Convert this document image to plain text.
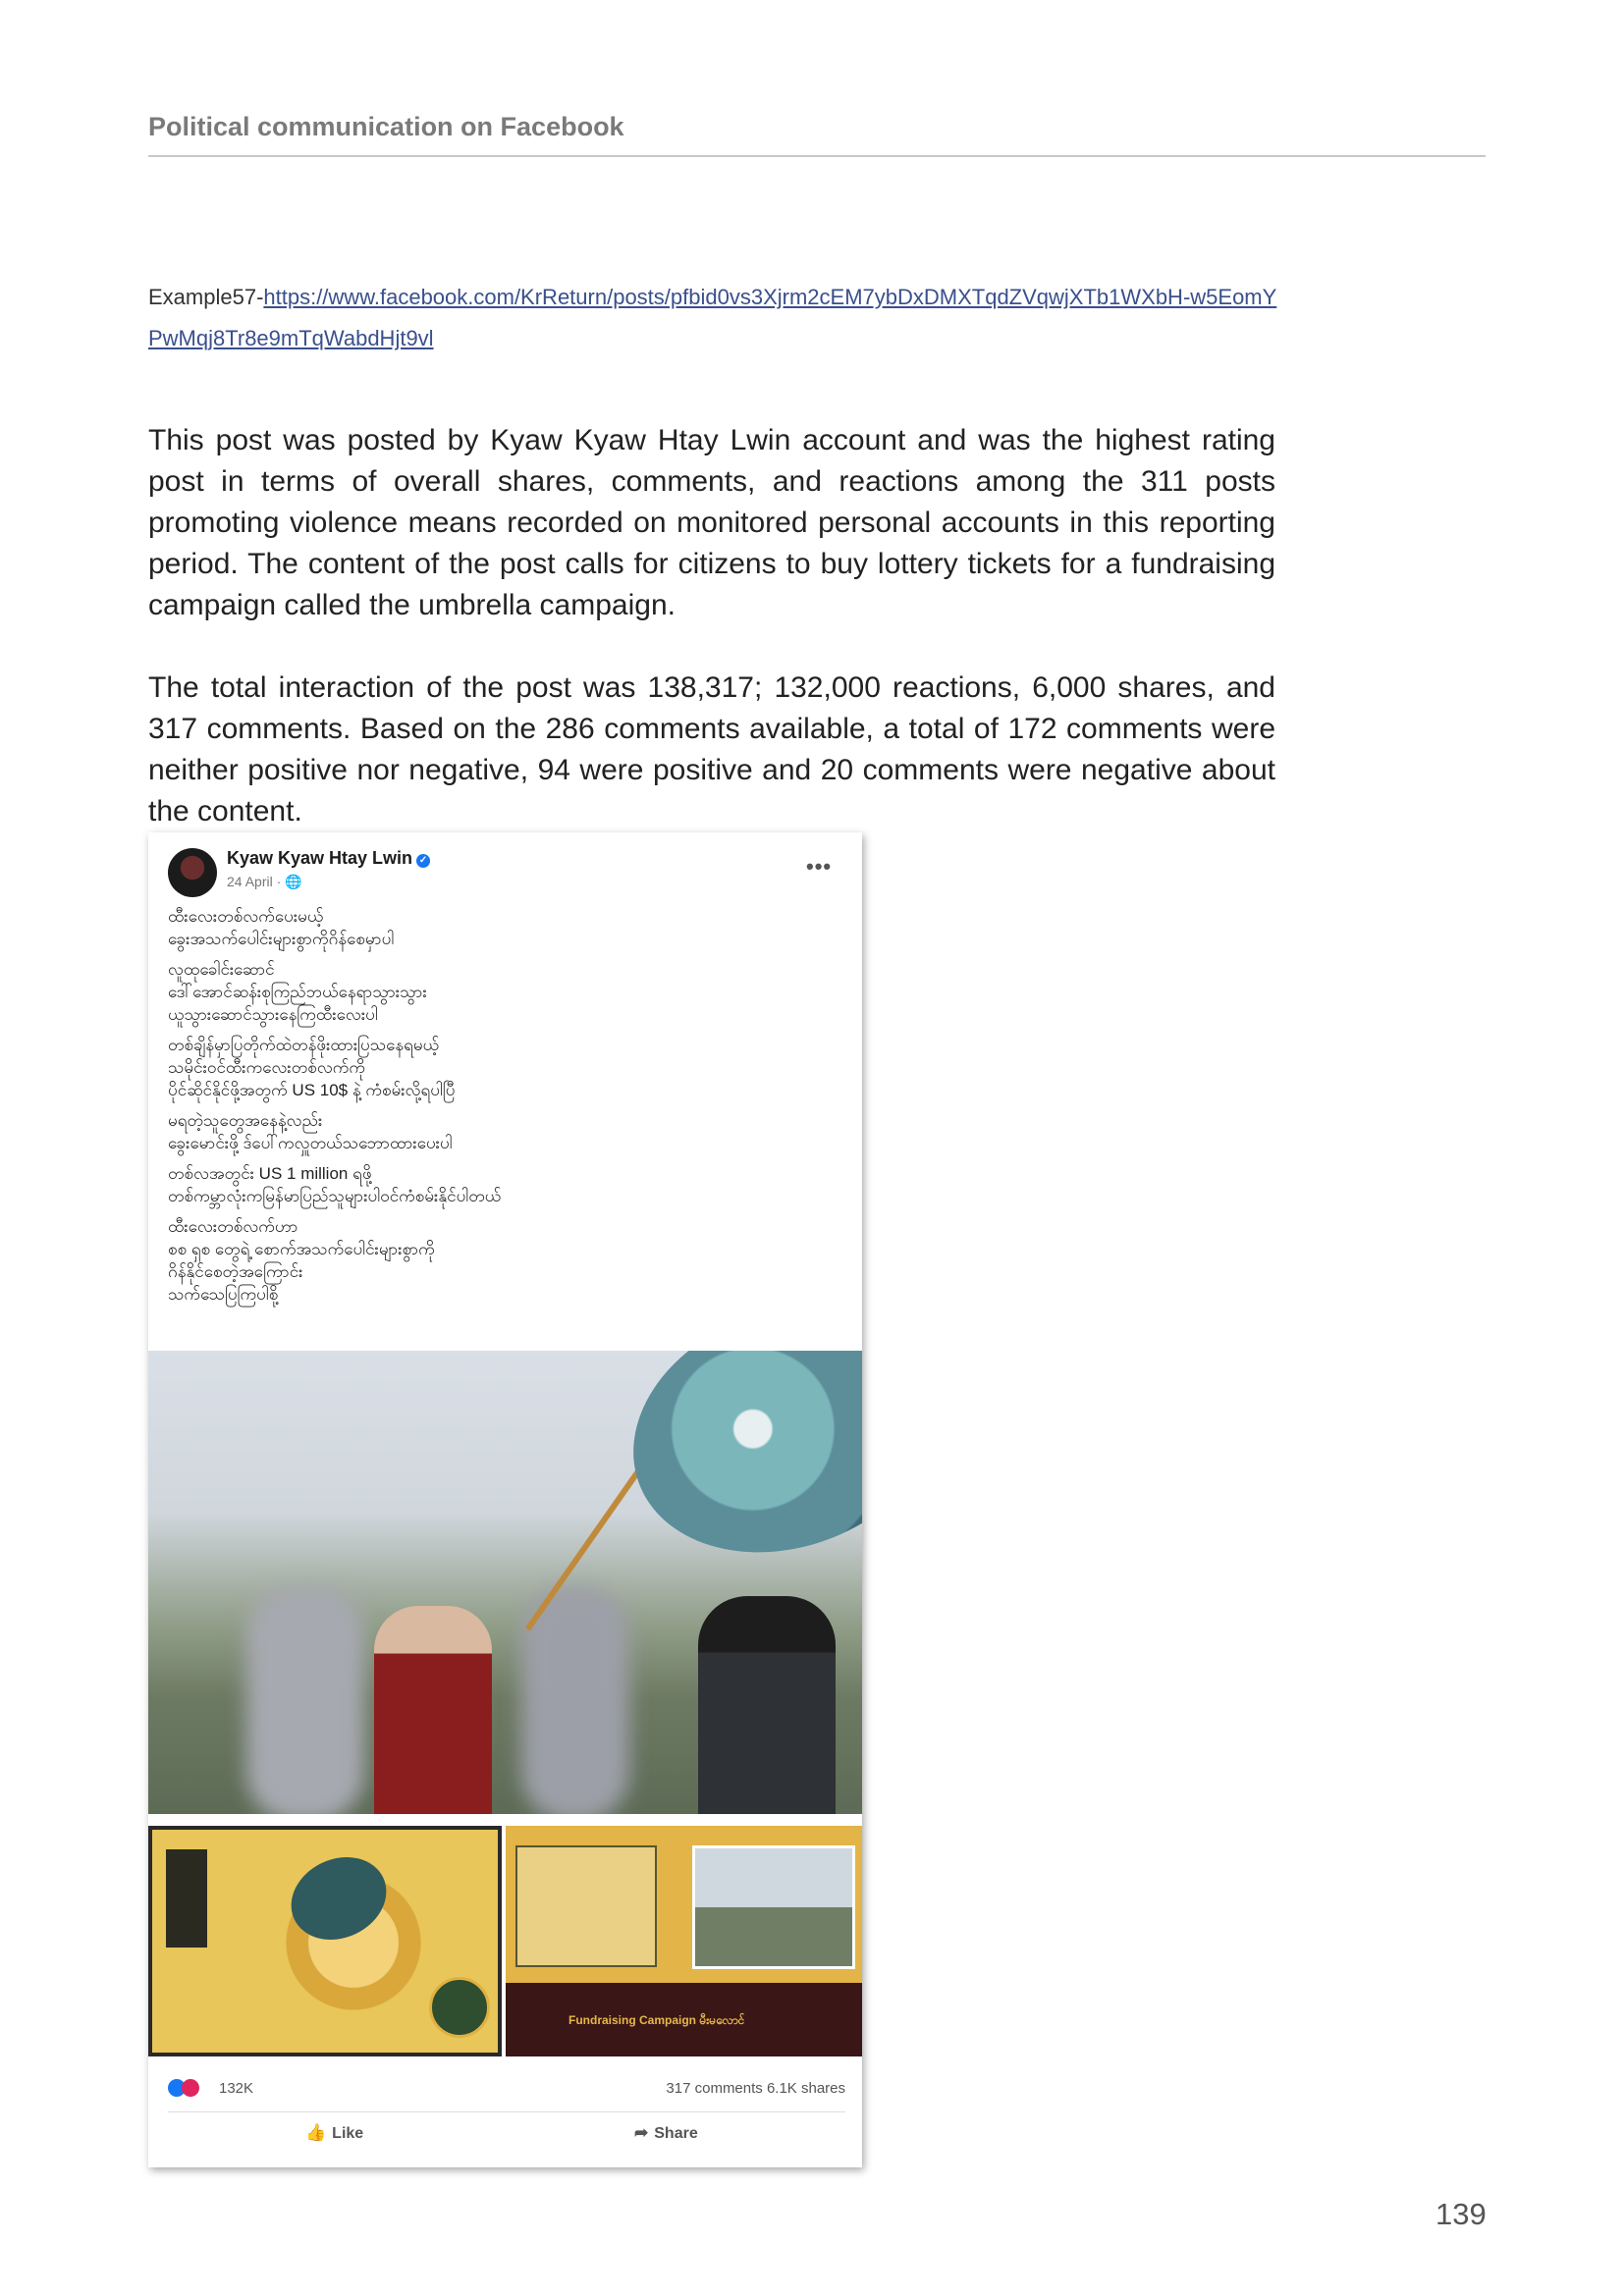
Political communication on Facebook
Example57-https://www.facebook.com/KrReturn/posts/pfbid0vs3Xjrm2cEM7ybDxDMXTqdZVqwjXTb1WXbH-w5EomYPwMqj8Tr8e9mTqWabdHjt9vl

This post was posted by Kyaw Kyaw Htay Lwin account and was the highest rating post in terms of overall shares, comments, and reactions among the 311 posts promoting violence means recorded on monitored personal accounts in this reporting period. The content of the post calls for citizens to buy lottery tickets for a fundraising campaign called the umbrella campaign.

The total interaction of the post was 138,317; 132,000 reactions, 6,000 shares, and 317 comments. Based on the 286 comments available, a total of 172 comments were neither positive nor negative, 94 were positive and 20 comments were negative about the content.

Kyaw Kyaw Htay Lwin ✓
24 April · 🌐
•••
ထီးလေးတစ်လက်ပေးမယ့်
ခွေးအသက်ပေါင်းများစွာကိုဂိန်စေမှာပါ
လူထုခေါင်းဆောင်
ဒေါ်အောင်ဆန်းစုကြည်ဘယ်နေရာသွားသွား
ယူသွားဆောင်သွားနေကြထီးလေးပါ
တစ်ချိန်မှာပြတိုက်ထဲတန်ဖိုးထားပြသနေရမယ့်
သမိုင်းဝင်ထီးကလေးတစ်လက်ကို
ပိုင်ဆိုင်နိုင်ဖို့အတွက် US 10$ နဲ့ ကံစမ်းလို့ရပါပြီ
မရတဲ့သူတွေအနေနဲ့လည်း
ခွေးမောင်းဖို့ ဒ်ပေါ်ကလှူတယ်သဘောထားပေးပါ
တစ်လအတွင်း US 1 million ရဖို့
တစ်ကမ္ဘာလုံးကမြန်မာပြည်သူများပါဝင်ကံစမ်းနိုင်ပါတယ်
ထီးလေးတစ်လက်ဟာ
စစ ရှစ တွေရဲ့ စောက်အသက်ပေါင်းများစွာကို
ဂိန်နိုင်စေတဲ့အကြောင်း
သက်သေပြကြပါစို့
Fundraising Campaign မီးမလောင်
132K	317 comments 6.1K shares
👍 Like	➦ Share
139
